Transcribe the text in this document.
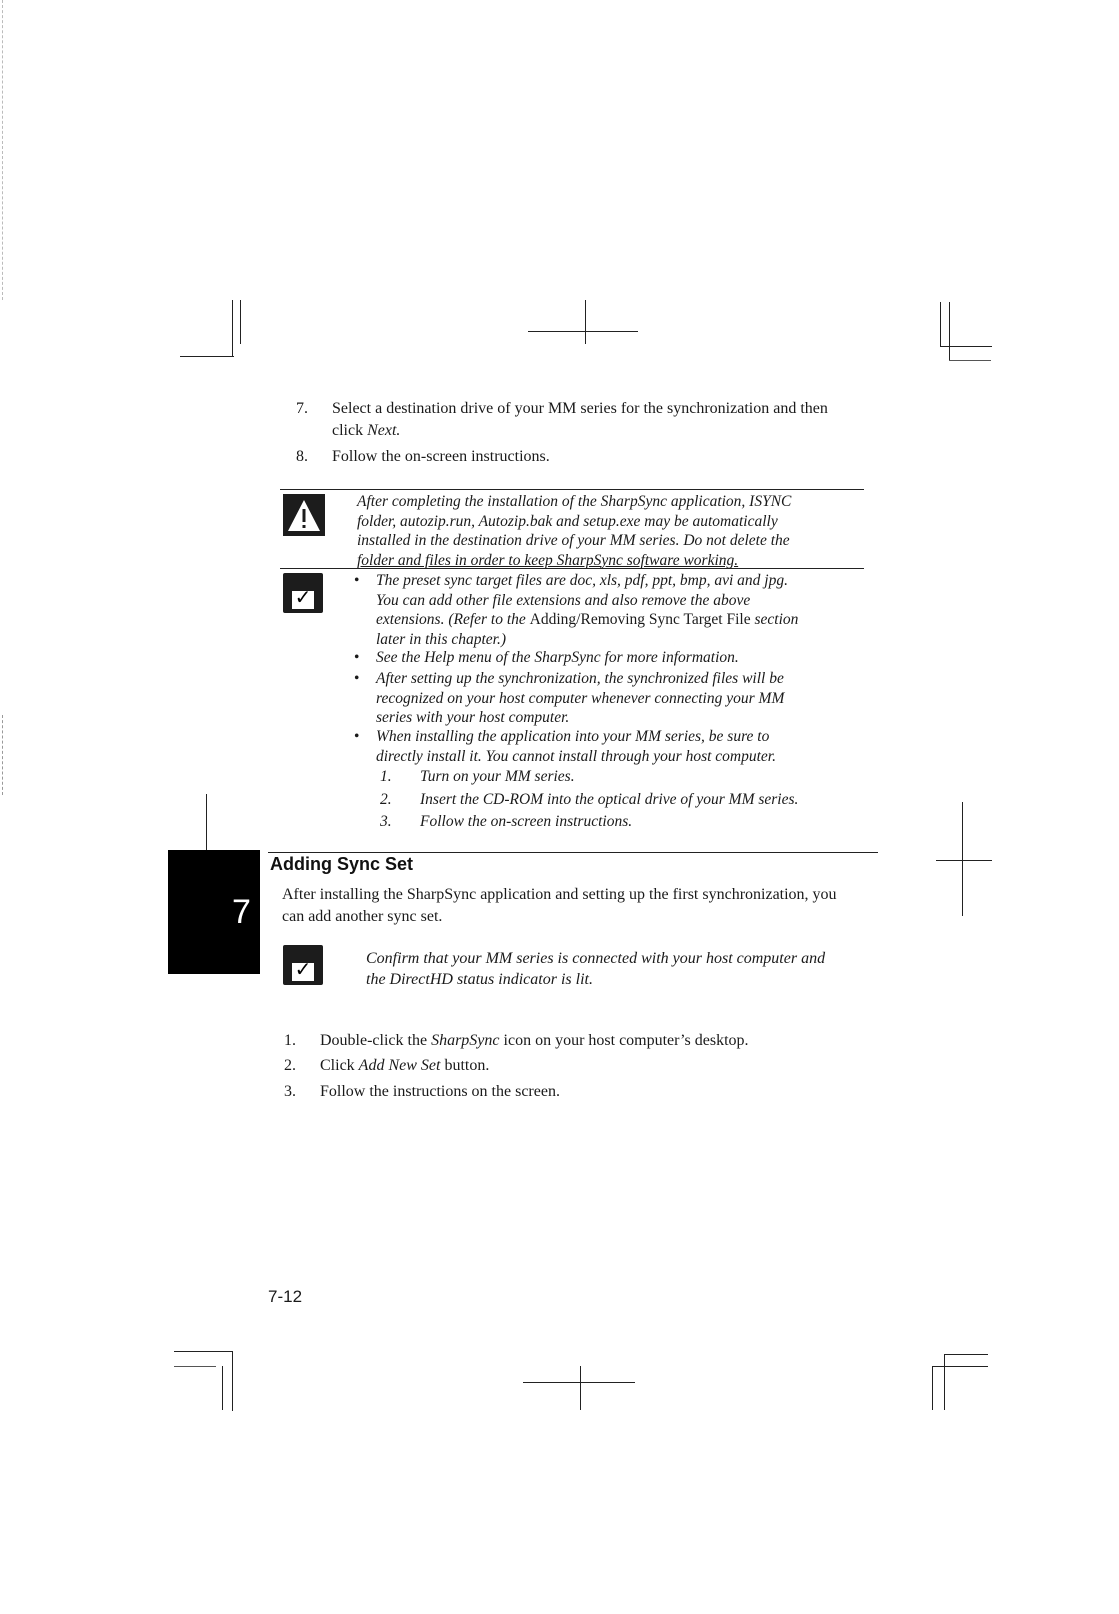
7. Select a destination drive of your MM series for the synchronization and then
click Next.
8. Follow the on-screen instructions.
After completing the installation of the SharpSync application, ISYNC
folder, autozip.run, Autozip.bak and setup.exe may be automatically
installed in the destination drive of your MM series. Do not delete the
folder and files in order to keep SharpSync software working.
✓
• The preset sync target files are doc, xls, pdf, ppt, bmp, avi and jpg.
You can add other file extensions and also remove the above
extensions. (Refer to the Adding/Removing Sync Target File section
later in this chapter.)
• See the Help menu of the SharpSync for more information.
• After setting up the synchronization, the synchronized files will be
recognized on your host computer whenever connecting your MM
series with your host computer.
• When installing the application into your MM series, be sure to
directly install it. You cannot install through your host computer.
1. Turn on your MM series.
2. Insert the CD-ROM into the optical drive of your MM series.
3. Follow the on-screen instructions.
7
Adding Sync Set
After installing the SharpSync application and setting up the first synchronization, you
can add another sync set.
✓	Confirm that your MM series is connected with your host computer and
the DirectHD status indicator is lit.
1. Double-click the SharpSync icon on your host computer’s desktop.
2. Click Add New Set button.
3. Follow the instructions on the screen.
7-12
